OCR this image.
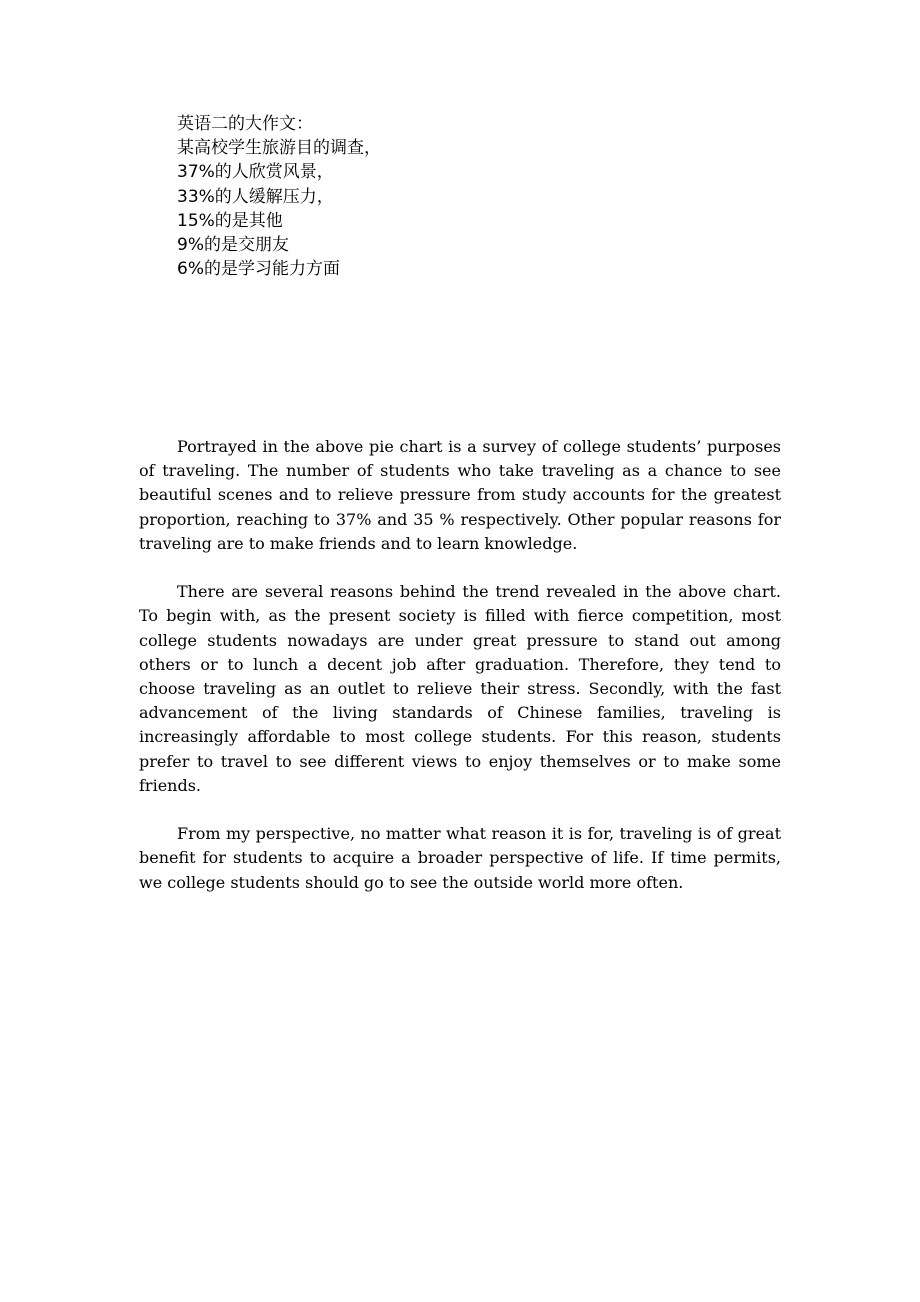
英语二的大作文：
某高校学生旅游目的调查，
37%的人欣赏风景，
33%的人缓解压力，
15%的是其他
9%的是交朋友
6%的是学习能力方面

Portrayed in the above pie chart is a survey of college students’ purposes of traveling. The number of students who take traveling as a chance to see beautiful scenes and to relieve pressure from study accounts for the greatest proportion, reaching to 37% and 35 % respectively. Other popular reasons for traveling are to make friends and to learn knowledge.

There are several reasons behind the trend revealed in the above chart. To begin with, as the present society is filled with fierce competition, most college students nowadays are under great pressure to stand out among others or to lunch a decent job after graduation. Therefore, they tend to choose traveling as an outlet to relieve their stress. Secondly, with the fast advancement of the living standards of Chinese families, traveling is increasingly affordable to most college students. For this reason, students prefer to travel to see different views to enjoy themselves or to make some friends.

From my perspective, no matter what reason it is for, traveling is of great benefit for students to acquire a broader perspective of life. If time permits, we college students should go to see the outside world more often.
